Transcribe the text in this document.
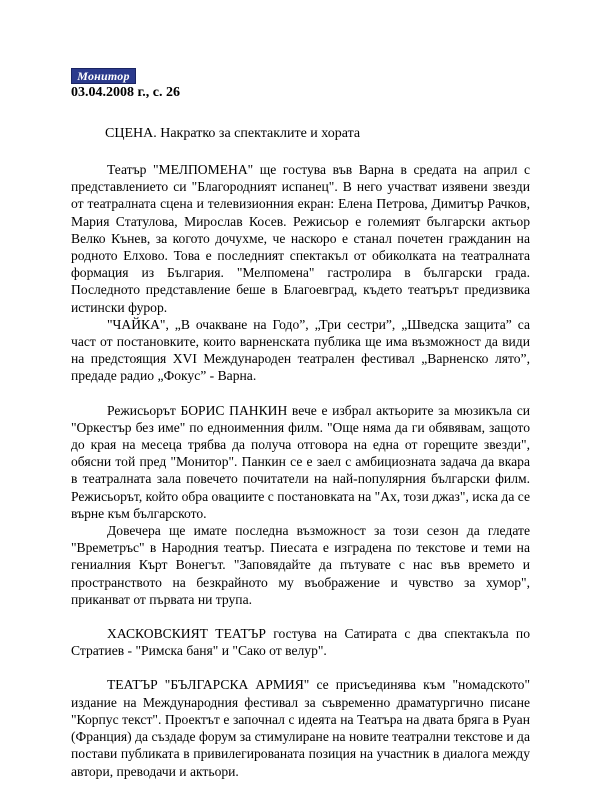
Монитор
03.04.2008 г., с. 26
СЦЕНА. Накратко за спектаклите и хората

Театър "МЕЛПОМЕНА" ще гостува във Варна в средата на април с представлението си "Благородният испанец". В него участват изявени звезди от театралната сцена и телевизионния екран: Елена Петрова, Димитър Рачков, Мария Статулова, Мирослав Косев. Режисьор е големият български актьор Велко Кънев, за когото дочухме, че наскоро е станал почетен гражданин на родното Елхово. Това е последният спектакъл от обиколката на театралната формация из България. "Мелпомена" гастролира в български града. Последното представление беше в Благоевград, където театърът предизвика истински фурор.

"ЧАЙКА", „В очакване на Годо”, „Три сестри”, „Шведска защита” са част от постановките, които варненската публика ще има възможност да види на предстоящия XVI Международен театрален фестивал „Варненско лято”, предаде радио „Фокус” - Варна.

Режисьорът БОРИС ПАНКИН вече е избрал актьорите за мюзикъла си "Оркестър без име" по едноименния филм. "Още няма да ги обявявам, защото до края на месеца трябва да получа отговора на една от горещите звезди", обясни той пред "Монитор". Панкин се е заел с амбициозната задача да вкара в театралната зала повечето почитатели на най-популярния български филм. Режисьорът, който обра овациите с постановката на "Ах, този джаз", иска да се върне към българското.

Довечера ще имате последна възможност за този сезон да гледате "Времетръс" в Народния театър. Пиесата е изградена по текстове и теми на гениалния Кърт Вонегът. "Заповядайте да пътувате с нас във времето и пространството на безкрайното му въображение и чувство за хумор", приканват от първата ни трупа.

ХАСКОВСКИЯТ ТЕАТЪР гостува на Сатирата с два спектакъла по Стратиев - "Римска баня" и "Сако от велур".

ТЕАТЪР "БЪЛГАРСКА АРМИЯ" се присъединява към "номадското" издание на Международния фестивал за съвременно драматургично писане "Корпус текст". Проектът е започнал с идеята на Театъра на двата бряга в Руан (Франция) да създаде форум за стимулиране на новите театрални текстове и да постави публиката в привилегированата позиция на участник в диалога между автори, преводачи и актьори.
